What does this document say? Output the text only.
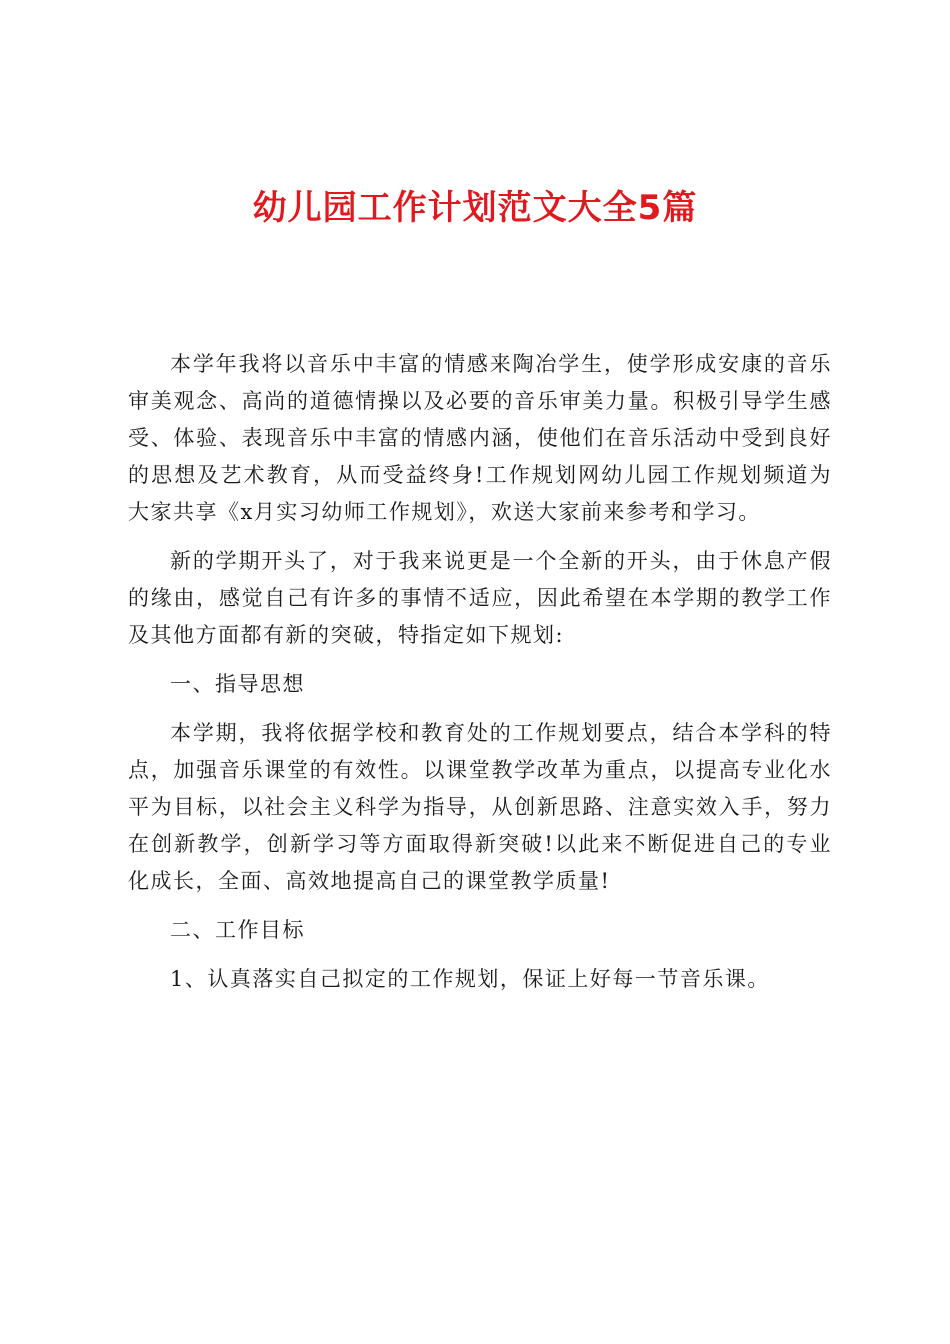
幼儿园工作计划范文大全5篇

本学年我将以音乐中丰富的情感来陶冶学生，使学形成安康的音乐审美观念、高尚的道德情操以及必要的音乐审美力量。积极引导学生感受、体验、表现音乐中丰富的情感内涵，使他们在音乐活动中受到良好的思想及艺术教育，从而受益终身!工作规划网幼儿园工作规划频道为大家共享《x月实习幼师工作规划》，欢送大家前来参考和学习。

新的学期开头了，对于我来说更是一个全新的开头，由于休息产假的缘由，感觉自己有许多的事情不适应，因此希望在本学期的教学工作及其他方面都有新的突破，特指定如下规划:

一、指导思想

本学期，我将依据学校和教育处的工作规划要点，结合本学科的特点，加强音乐课堂的有效性。以课堂教学改革为重点，以提高专业化水平为目标，以社会主义科学为指导，从创新思路、注意实效入手，努力在创新教学，创新学习等方面取得新突破!以此来不断促进自己的专业化成长，全面、高效地提高自己的课堂教学质量!

二、工作目标

1、认真落实自己拟定的工作规划，保证上好每一节音乐课。
